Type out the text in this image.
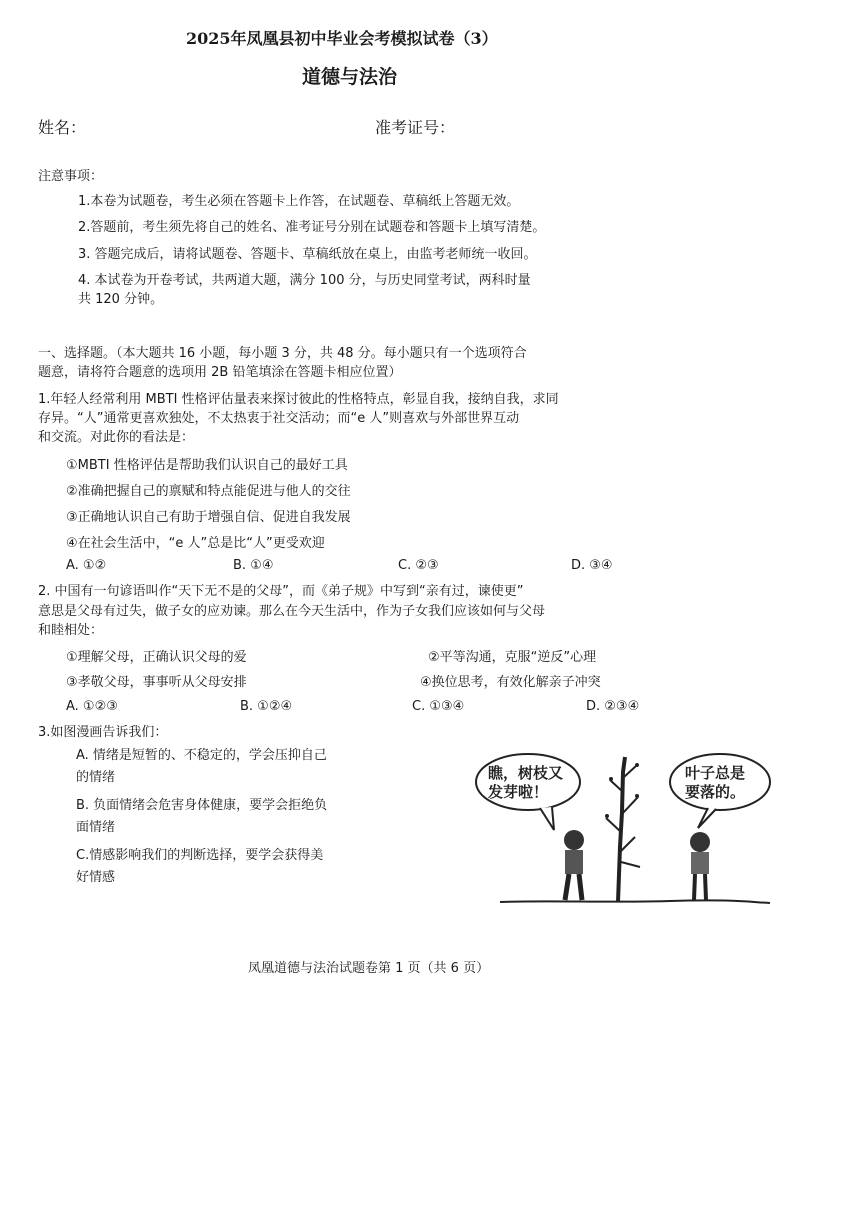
2025年凤凰县初中毕业会考模拟试卷（3）
道德与法治
姓名：	准考证号：
注意事项：
1.本卷为试题卷，考生必须在答题卡上作答，在试题卷、草稿纸上答题无效。
2.答题前，考生须先将自己的姓名、准考证号分别在试题卷和答题卡上填写清楚。
3. 答题完成后，请将试题卷、答题卡、草稿纸放在桌上，由监考老师统一收回。
4. 本试卷为开卷考试，共两道大题，满分 100 分，与历史同堂考试，两科时量
共 120 分钟。
一、选择题。（本大题共 16 小题，每小题 3 分，共 48 分。每小题只有一个选项符合
题意，请将符合题意的选项用 2B 铅笔填涂在答题卡相应位置）
1.年轻人经常利用 MBTI 性格评估量表来探讨彼此的性格特点，彰显自我，接纳自我，求同
存异。“人”通常更喜欢独处，不太热衷于社交活动；而“e 人”则喜欢与外部世界互动
和交流。对此你的看法是：
①MBTI 性格评估是帮助我们认识自己的最好工具
②准确把握自己的禀赋和特点能促进与他人的交往
③正确地认识自己有助于增强自信、促进自我发展
④在社会生活中，“e 人”总是比“人”更受欢迎
A. ①②	B. ①④	C. ②③	D. ③④
2. 中国有一句谚语叫作“天下无不是的父母”，而《弟子规》中写到“亲有过，谏使更”
意思是父母有过失，做子女的应劝谏。那么在今天生活中，作为子女我们应该如何与父母
和睦相处：
①理解父母，正确认识父母的爱	②平等沟通，克服“逆反”心理
③孝敬父母，事事听从父母安排	④换位思考，有效化解亲子冲突
A. ①②③	B. ①②④	C. ①③④	D. ②③④
3.如图漫画告诉我们：
A. 情绪是短暂的、不稳定的，学会压抑自己
的情绪
B. 负面情绪会危害身体健康，要学会拒绝负
面情绪
C.情感影响我们的判断选择，要学会获得美
好情感
瞧，树枝又
发芽啦！
叶子总是
要落的。
凤凰道德与法治试题卷第 1 页（共 6 页）
